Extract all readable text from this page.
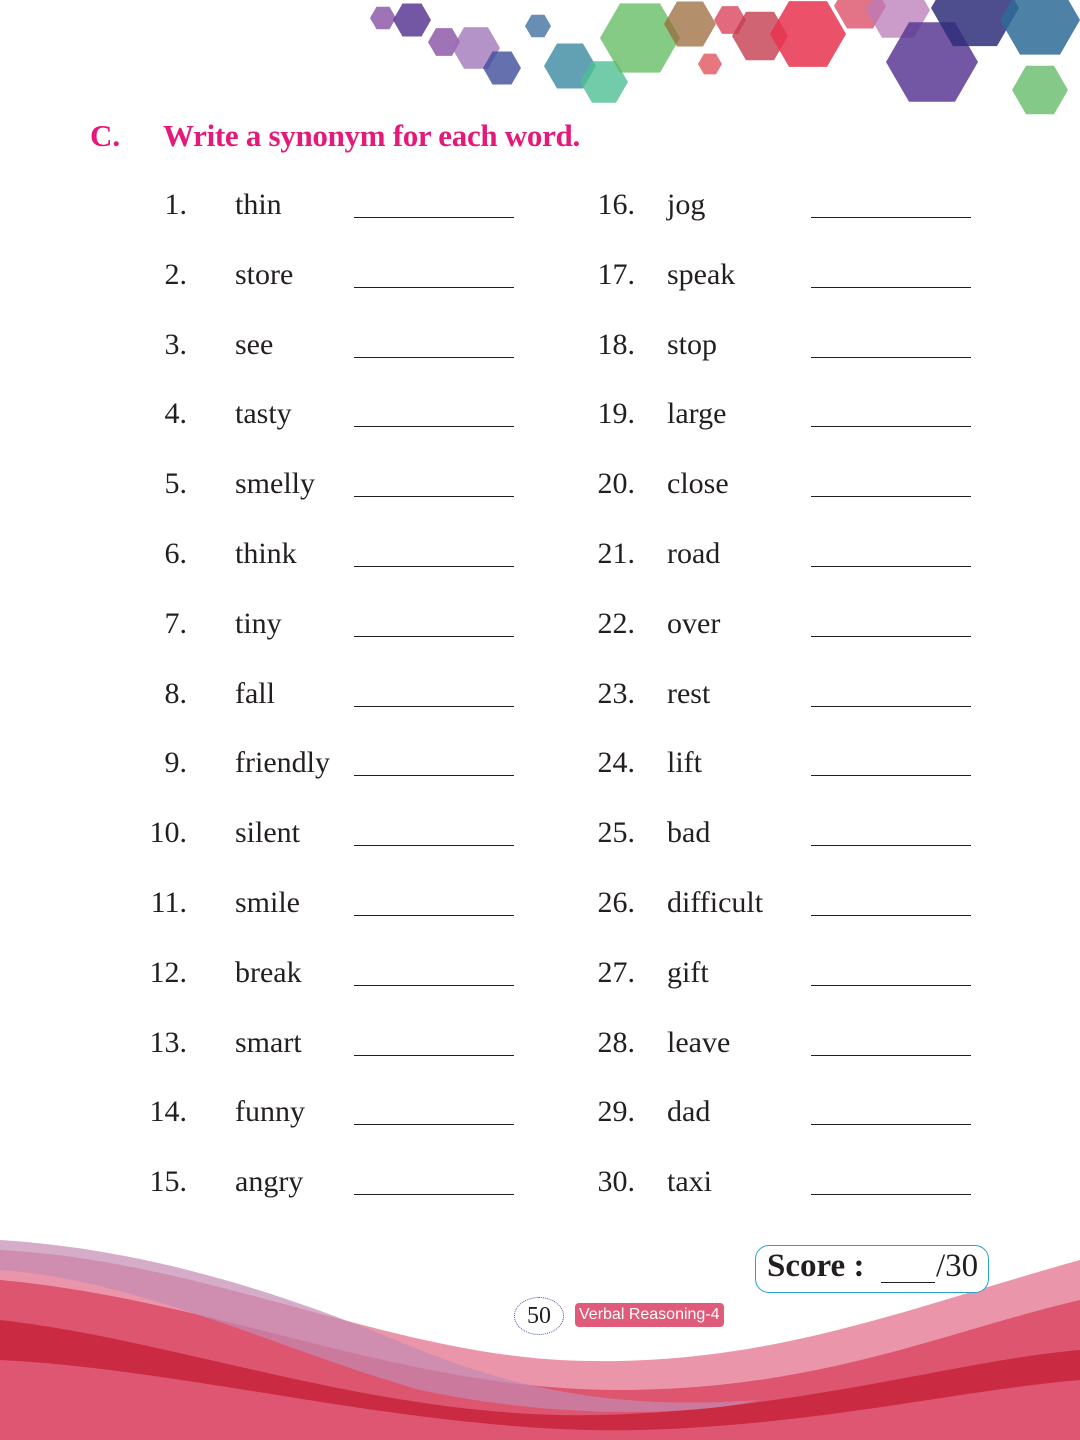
C. Write a synonym for each word.
1. thin
2. store
3. see
4. tasty
5. smelly
6. think
7. tiny
8. fall
9. friendly
10. silent
11. smile
12. break
13. smart
14. funny
15. angry
16. jog
17. speak
18. stop
19. large
20. close
21. road
22. over
23. rest
24. lift
25. bad
26. difficult
27. gift
28. leave
29. dad
30. taxi
Score : /30
50	Verbal Reasoning-4
